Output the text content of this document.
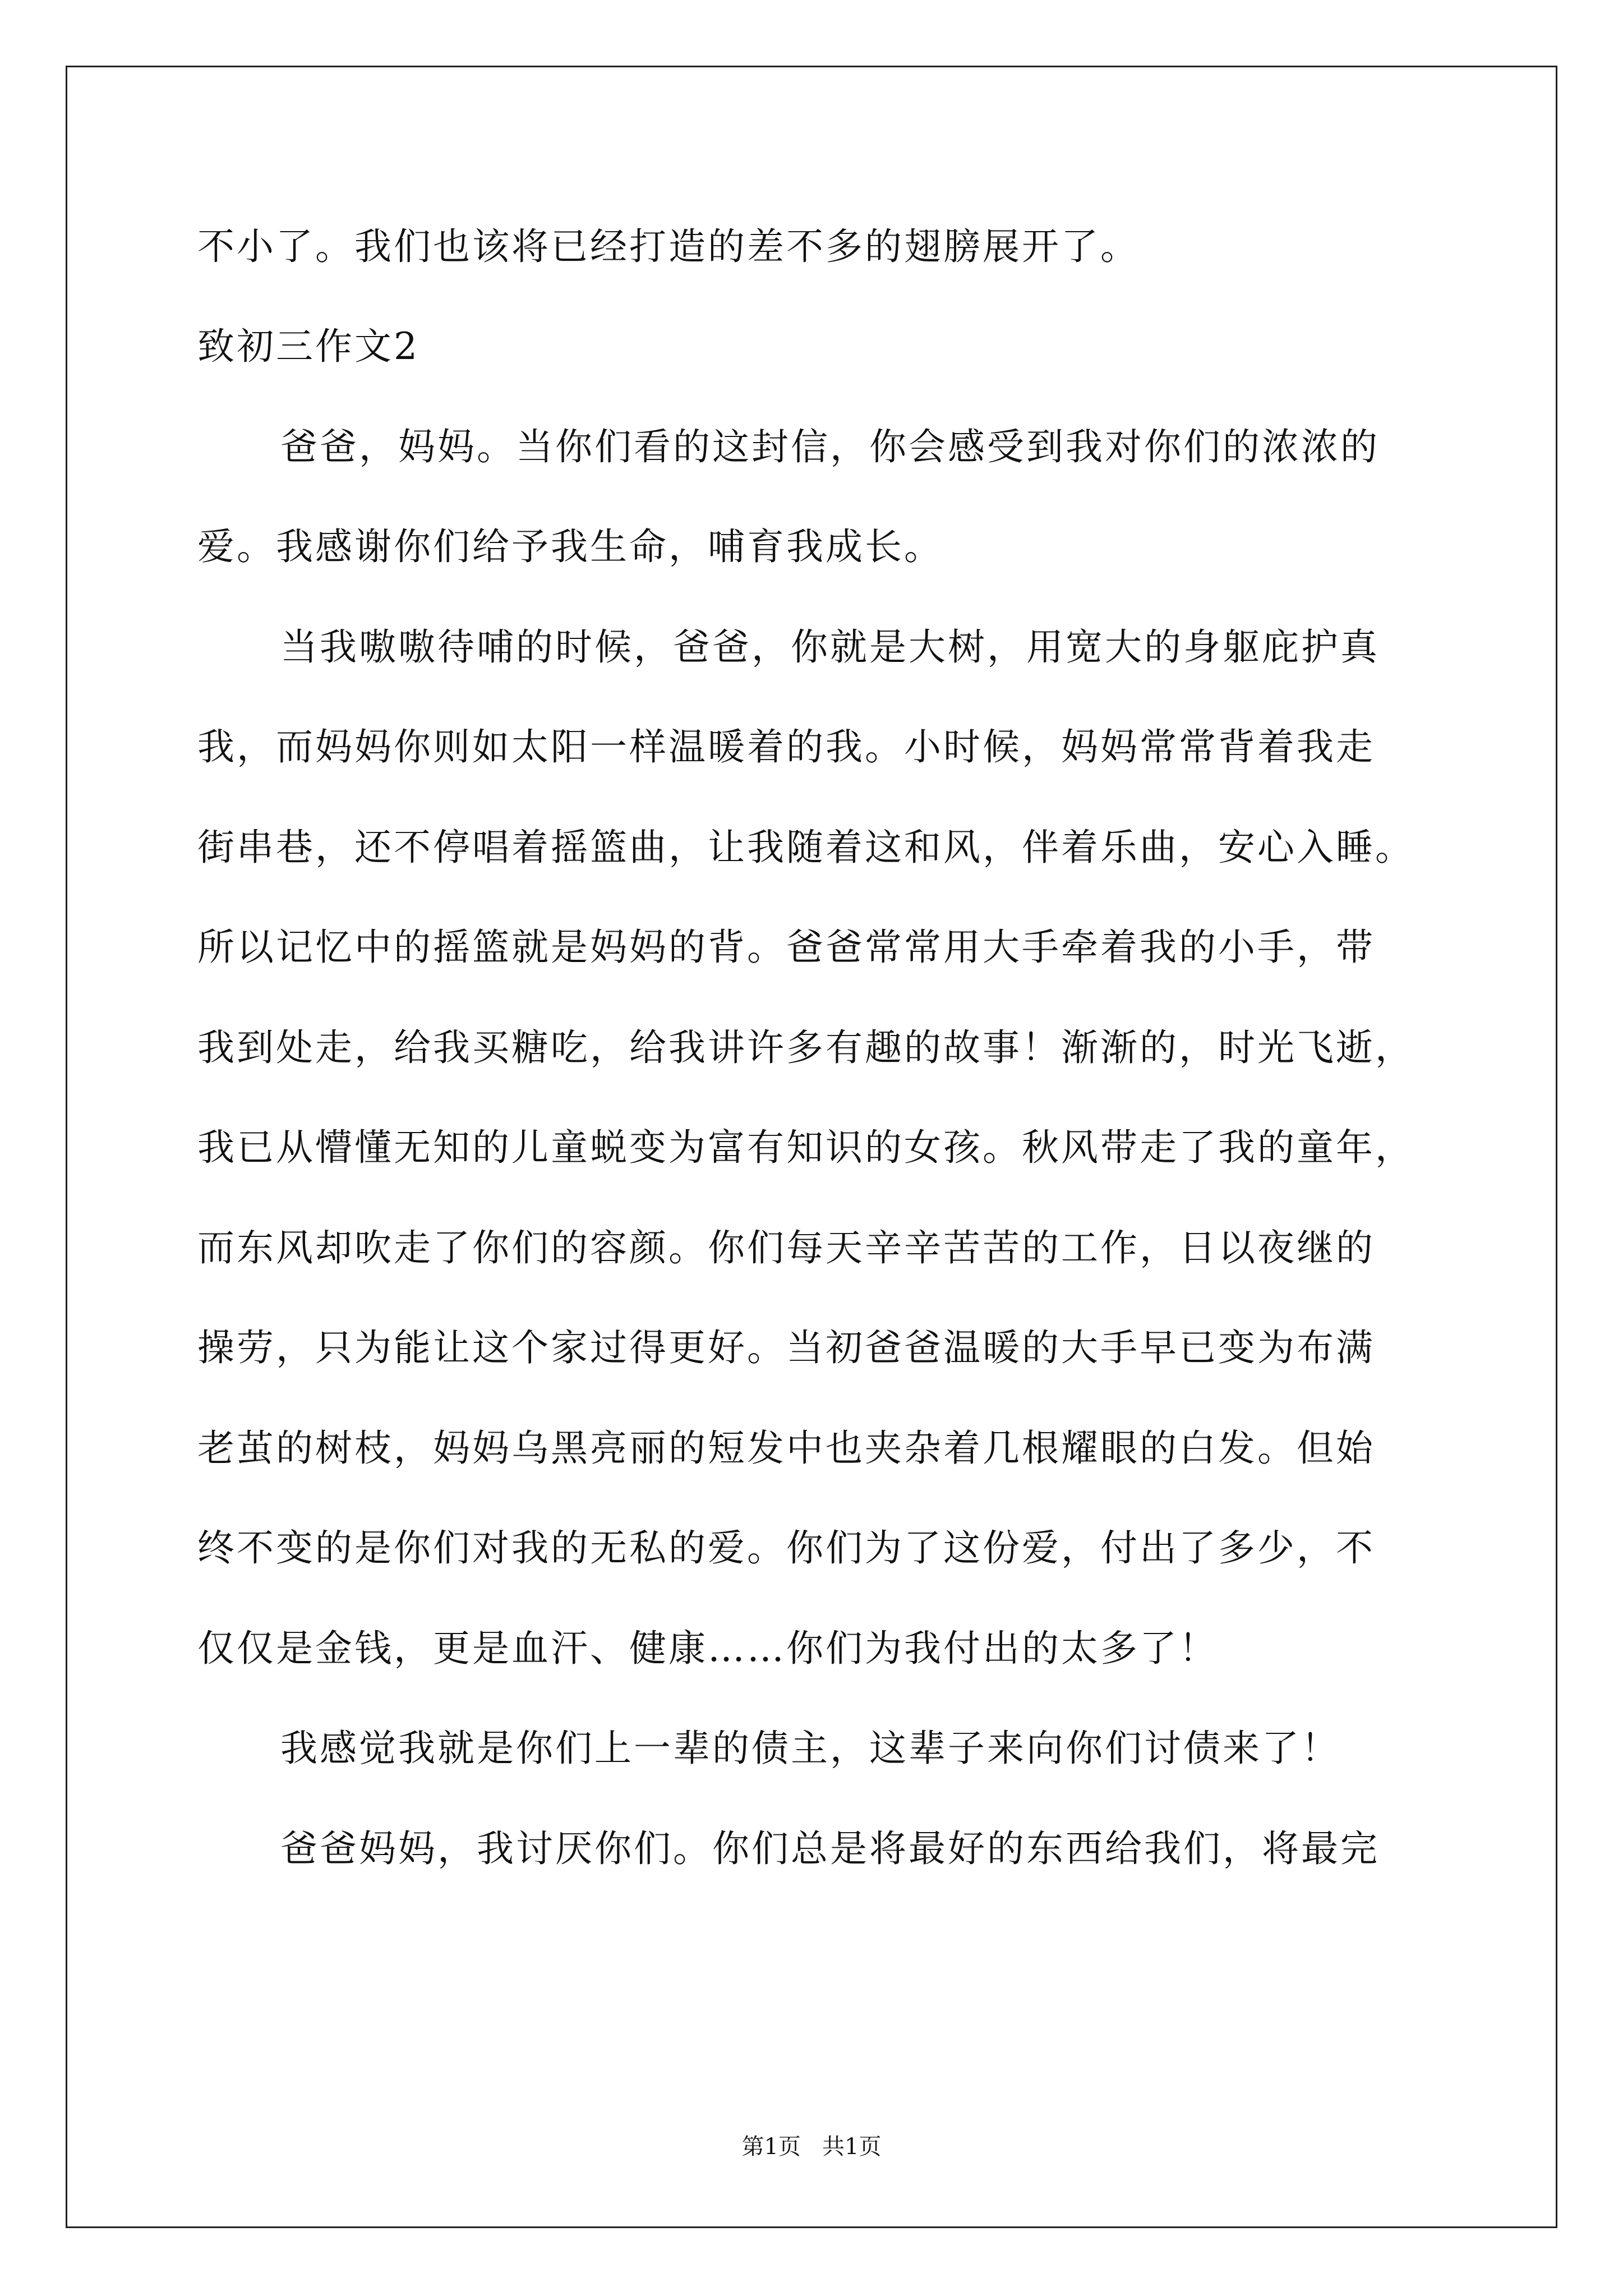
不小了。我们也该将已经打造的差不多的翅膀展开了。
致初三作文2
爸爸，妈妈。当你们看的这封信，你会感受到我对你们的浓浓的
爱。我感谢你们给予我生命，哺育我成长。
当我嗷嗷待哺的时候，爸爸，你就是大树，用宽大的身躯庇护真
我，而妈妈你则如太阳一样温暖着的我。小时候，妈妈常常背着我走
街串巷，还不停唱着摇篮曲，让我随着这和风，伴着乐曲，安心入睡。
所以记忆中的摇篮就是妈妈的背。爸爸常常用大手牵着我的小手，带
我到处走，给我买糖吃，给我讲许多有趣的故事！渐渐的，时光飞逝，
我已从懵懂无知的儿童蜕变为富有知识的女孩。秋风带走了我的童年，
而东风却吹走了你们的容颜。你们每天辛辛苦苦的工作，日以夜继的
操劳，只为能让这个家过得更好。当初爸爸温暖的大手早已变为布满
老茧的树枝，妈妈乌黑亮丽的短发中也夹杂着几根耀眼的白发。但始
终不变的是你们对我的无私的爱。你们为了这份爱，付出了多少，不
仅仅是金钱，更是血汗、健康……你们为我付出的太多了！
我感觉我就是你们上一辈的债主，这辈子来向你们讨债来了！
爸爸妈妈，我讨厌你们。你们总是将最好的东西给我们，将最完
第1页   共1页
